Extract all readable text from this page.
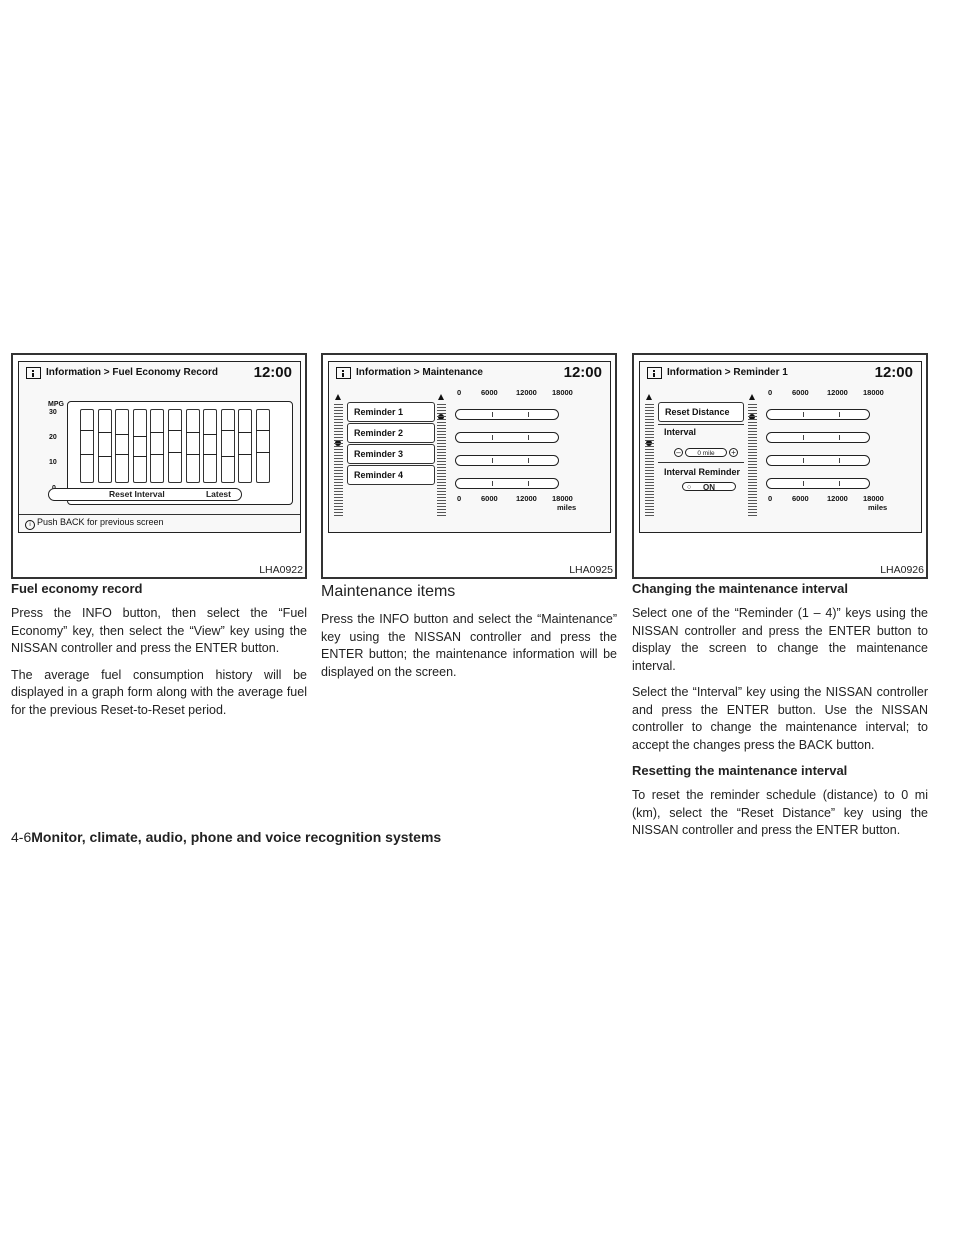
Information > Fuel Economy Record 12:00
MPG
30
20
10
Reset Interval	Latest
i Push BACK for previous screen
LHA0922
Fuel economy record

Press the INFO button, then select the “Fuel Economy” key, then select the “View” key using the NISSAN controller and press the ENTER button.

The average fuel consumption history will be displayed in a graph form along with the average fuel for the previous Reset-to-Reset period.

Information > Maintenance	12:00
Reminder 1
Reminder 2
Reminder 3
Reminder 4
0	6000 12000 18000
0	6000 12000 18000
miles
LHA0925
Maintenance items

Press the INFO button and select the “Maintenance” key using the NISSAN controller and press the ENTER button; the maintenance information will be displayed on the screen.

Information > Reminder 1	12:00
Reset Distance
Interval
–	0 mile	+
Interval Reminder
○ ON
0	6000 12000 18000
0	6000 12000 18000
miles
LHA0926
Changing the maintenance interval

Select one of the “Reminder (1 – 4)” keys using the NISSAN controller and press the ENTER button to display the screen to change the maintenance interval.

Select the “Interval” key using the NISSAN controller and press the ENTER button. Use the NISSAN controller to change the maintenance interval; to accept the changes press the BACK button.

Resetting the maintenance interval

To reset the reminder schedule (distance) to 0 mi (km), select the “Reset Distance” key using the NISSAN controller and press the ENTER button.

4-6Monitor, climate, audio, phone and voice recognition systems
